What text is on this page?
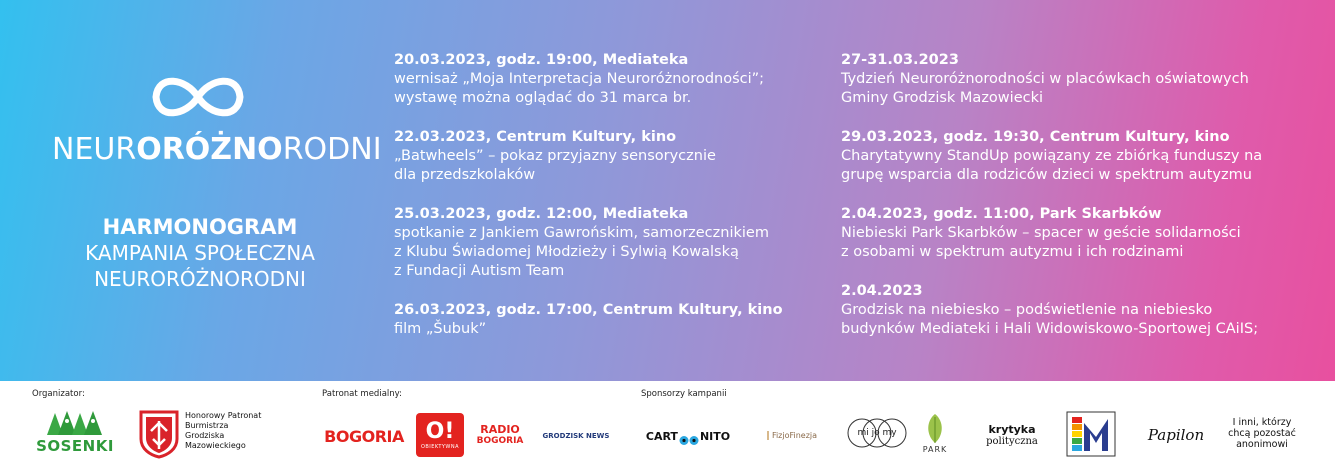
NEURORÓŻNORODNI
HARMONOGRAM
KAMPANIA SPOŁECZNA
NEURORÓŻNORODNI
20.03.2023, godz. 19:00, Mediateka
wernisaż „Moja Interpretacja Neuroróżnorodności”;
wystawę można oglądać do 31 marca br.
22.03.2023, Centrum Kultury, kino
„Batwheels” – pokaz przyjazny sensorycznie
dla przedszkolaków
25.03.2023, godz. 12:00, Mediateka
spotkanie z Jankiem Gawrońskim, samorzecznikiem
z Klubu Świadomej Młodzieży i Sylwią Kowalską
z Fundacji Autism Team
26.03.2023, godz. 17:00, Centrum Kultury, kino
film „Šubuk”
27-31.03.2023
Tydzień Neuroróżnorodności w placówkach oświatowych
Gminy Grodzisk Mazowiecki
29.03.2023, godz. 19:30, Centrum Kultury, kino
Charytatywny StandUp powiązany ze zbiórką funduszy na
grupę wsparcia dla rodziców dzieci w spektrum autyzmu
2.04.2023, godz. 11:00, Park Skarbków
Niebieski Park Skarbków – spacer w geście solidarności
z osobami w spektrum autyzmu i ich rodzinami
2.04.2023
Grodzisk na niebiesko – podświetlenie na niebiesko
budynków Mediateki i Hali Widowiskowo-Sportowej CAiIS;
Organizator:	Patronat medialny:	Sponsorzy kampanii
SOSENKI
Honorowy Patronat
Burmistrza
Grodziska
Mazowieckiego	BOGORIA O!
OBIEKTYWNA
RADIO
BOGORIA	GRODZISK NEWS	CART NITO	FizjoFinezja	mi jo my
PARK
krytyka
polityczna	Papilon
I inni, którzy
chcą pozostać
anonimowi
